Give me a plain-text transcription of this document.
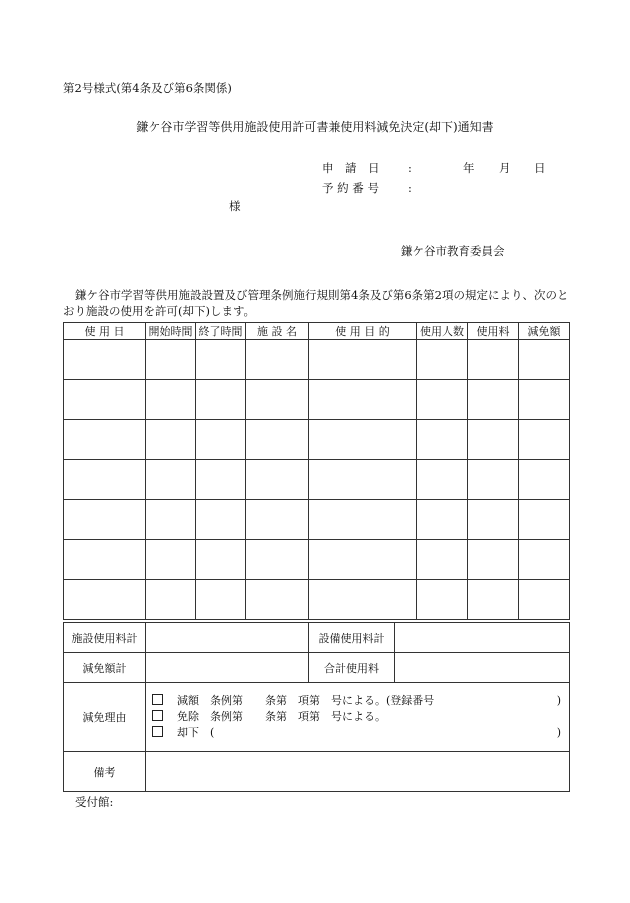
第2号様式(第4条及び第6条関係)
鎌ケ谷市学習等供用施設使用許可書兼使用料減免決定(却下)通知書
申　請　日 :	年 月 日
予 約 番 号	:
様
鎌ケ谷市教育委員会
鎌ケ谷市学習等供用施設設置及び管理条例施行規則第4条及び第6条第2項の規定により、次のとおり施設の使用を許可(却下)します。
使 用 日	開始時間	終了時間	施 設 名	使 用 目 的	使用人数	使用料	減免額

施設使用料計		設備使用料計	
減免額計		合計使用料	
減免理由	減額　条例第　　条第　項第　号による。(登録番号 )
免除　条例第　　条第　項第　号による。
却下　( )		

備考			
受付館:
